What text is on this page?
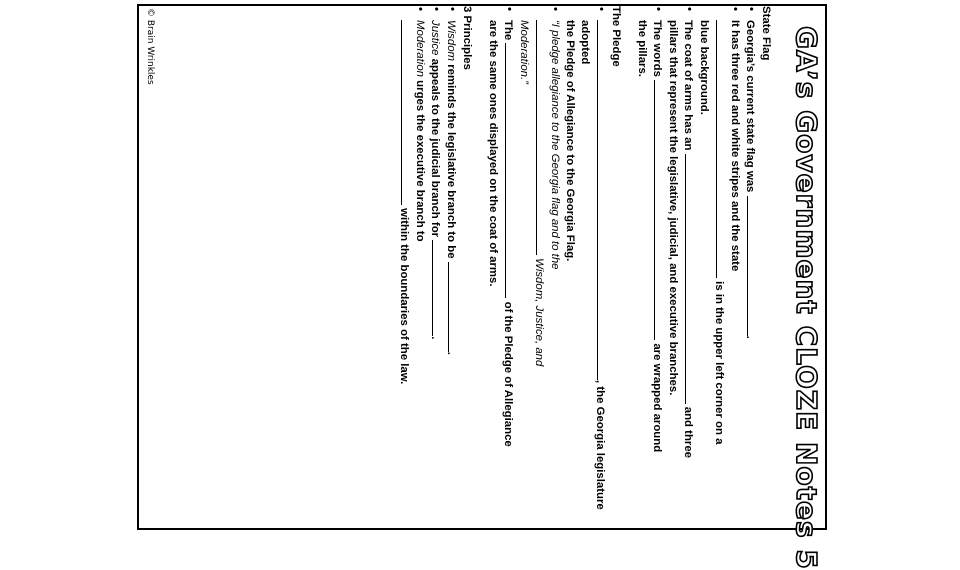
GA’s Government CLOZE Notes 5
State Flag
•
Georgia’s current state flag was .
•
It has three red and white stripes and the state
is in the upper left corner on a
blue background.
•
The coat of arms has an  and three
pillars that represent the legislative, judicial, and executive branches.
•
The words  are wrapped around
the pillars.
The Pledge
•
, the Georgia legislature adopted
the Pledge of Allegiance to the Georgia Flag.
•
“I pledge allegiance to the Georgia flag and to the
Wisdom, Justice, and
Moderation.”
•
The  of the Pledge of Allegiance
are the same ones displayed on the coat of arms.
3 Principles
•
Wisdom reminds the legislative branch to be .
•
Justice appeals to the judicial branch for .
•
Moderation urges the executive branch to
within the boundaries of the law.
© Brain Wrinkles
